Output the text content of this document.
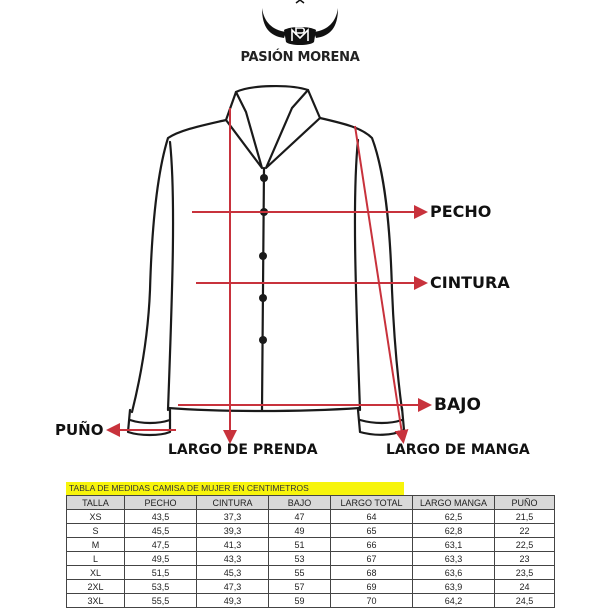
PASIÓN MORENA
PECHO
CINTURA
BAJO
PUÑO
LARGO DE PRENDA	LARGO DE MANGA
TABLA DE MEDIDAS CAMISA DE MUJER EN CENTIMETROS
TALLA	PECHO	CINTURA	BAJO	LARGO TOTAL	LARGO MANGA	PUÑO
XS	43,5	37,3	47	64	62,5	21,5
S	45,5	39,3	49	65	62,8	22
M	47,5	41,3	51	66	63,1	22,5
L	49,5	43,3	53	67	63,3	23
XL	51,5	45,3	55	68	63,6	23,5
2XL	53,5	47,3	57	69	63,9	24
3XL	55,5	49,3	59	70	64,2	24,5
